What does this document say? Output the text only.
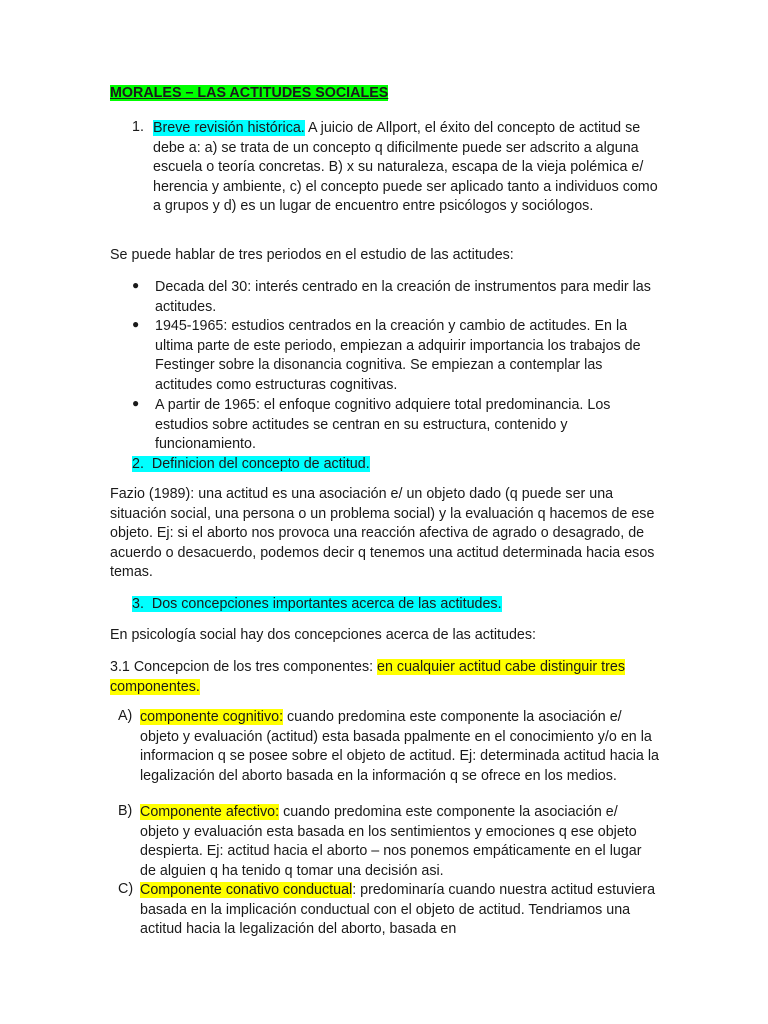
MORALES – LAS ACTITUDES SOCIALES

1. Breve revisión histórica. A juicio de Allport, el éxito del concepto de actitud se debe a: a) se trata de un concepto q dificilmente puede ser adscrito a alguna escuela o teoría concretas. B) x su naturaleza, escapa de la vieja polémica e/ herencia y ambiente, c) el concepto puede ser aplicado tanto a individuos como a grupos y d) es un lugar de encuentro entre psicólogos y sociólogos.

Se puede hablar de tres periodos en el estudio de las actitudes:

● Decada del 30: interés centrado en la creación de instrumentos para medir las actitudes.

● 1945-1965: estudios centrados en la creación y cambio de actitudes. En la ultima parte de este periodo, empiezan a adquirir importancia los trabajos de Festinger sobre la disonancia cognitiva. Se empiezan a contemplar las actitudes como estructuras cognitivas.

● A partir de 1965: el enfoque cognitivo adquiere total predominancia. Los estudios sobre actitudes se centran en su estructura, contenido y funcionamiento.

2. Definicion del concepto de actitud.

Fazio (1989): una actitud es una asociación e/ un objeto dado (q puede ser una situación social, una persona o un problema social) y la evaluación q hacemos de ese objeto. Ej: si el aborto nos provoca una reacción afectiva de agrado o desagrado, de acuerdo o desacuerdo, podemos decir q tenemos una actitud determinada hacia esos temas.

3. Dos concepciones importantes acerca de las actitudes.

En psicología social hay dos concepciones acerca de las actitudes:

3.1 Concepcion de los tres componentes: en cualquier actitud cabe distinguir tres componentes.

A) componente cognitivo: cuando predomina este componente la asociación e/ objeto y evaluación (actitud) esta basada ppalmente en el conocimiento y/o en la informacion q se posee sobre el objeto de actitud. Ej: determinada actitud hacia la legalización del aborto basada en la información q se ofrece en los medios.

B) Componente afectivo: cuando predomina este componente la asociación e/ objeto y evaluación esta basada en los sentimientos y emociones q ese objeto despierta. Ej: actitud hacia el aborto – nos ponemos empáticamente en el lugar de alguien q ha tenido q tomar una decisión asi.

C) Componente conativo conductual: predominaría cuando nuestra actitud estuviera basada en la implicación conductual con el objeto de actitud. Tendriamos una actitud hacia la legalización del aborto, basada en
